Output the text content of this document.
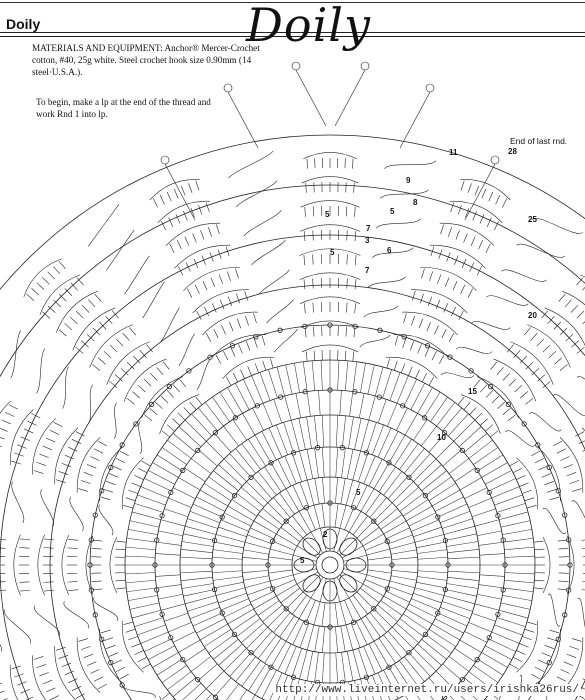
Doily	Doily
MATERIALS AND EQUIPMENT: Anchor® Mercer-Crochet cotton, #40, 25g white. Steel crochet hook size 0.90mm (14 steel·U.S.A.).
To begin, make a lp at the end of the thread and work Rnd 1 into lp.
End of last rnd.
2
5
5
10
15
20
25
28
11
5
7
3
9
8
5
6
7
5
http://www.liveinternet.ru/users/irishka26rus/
